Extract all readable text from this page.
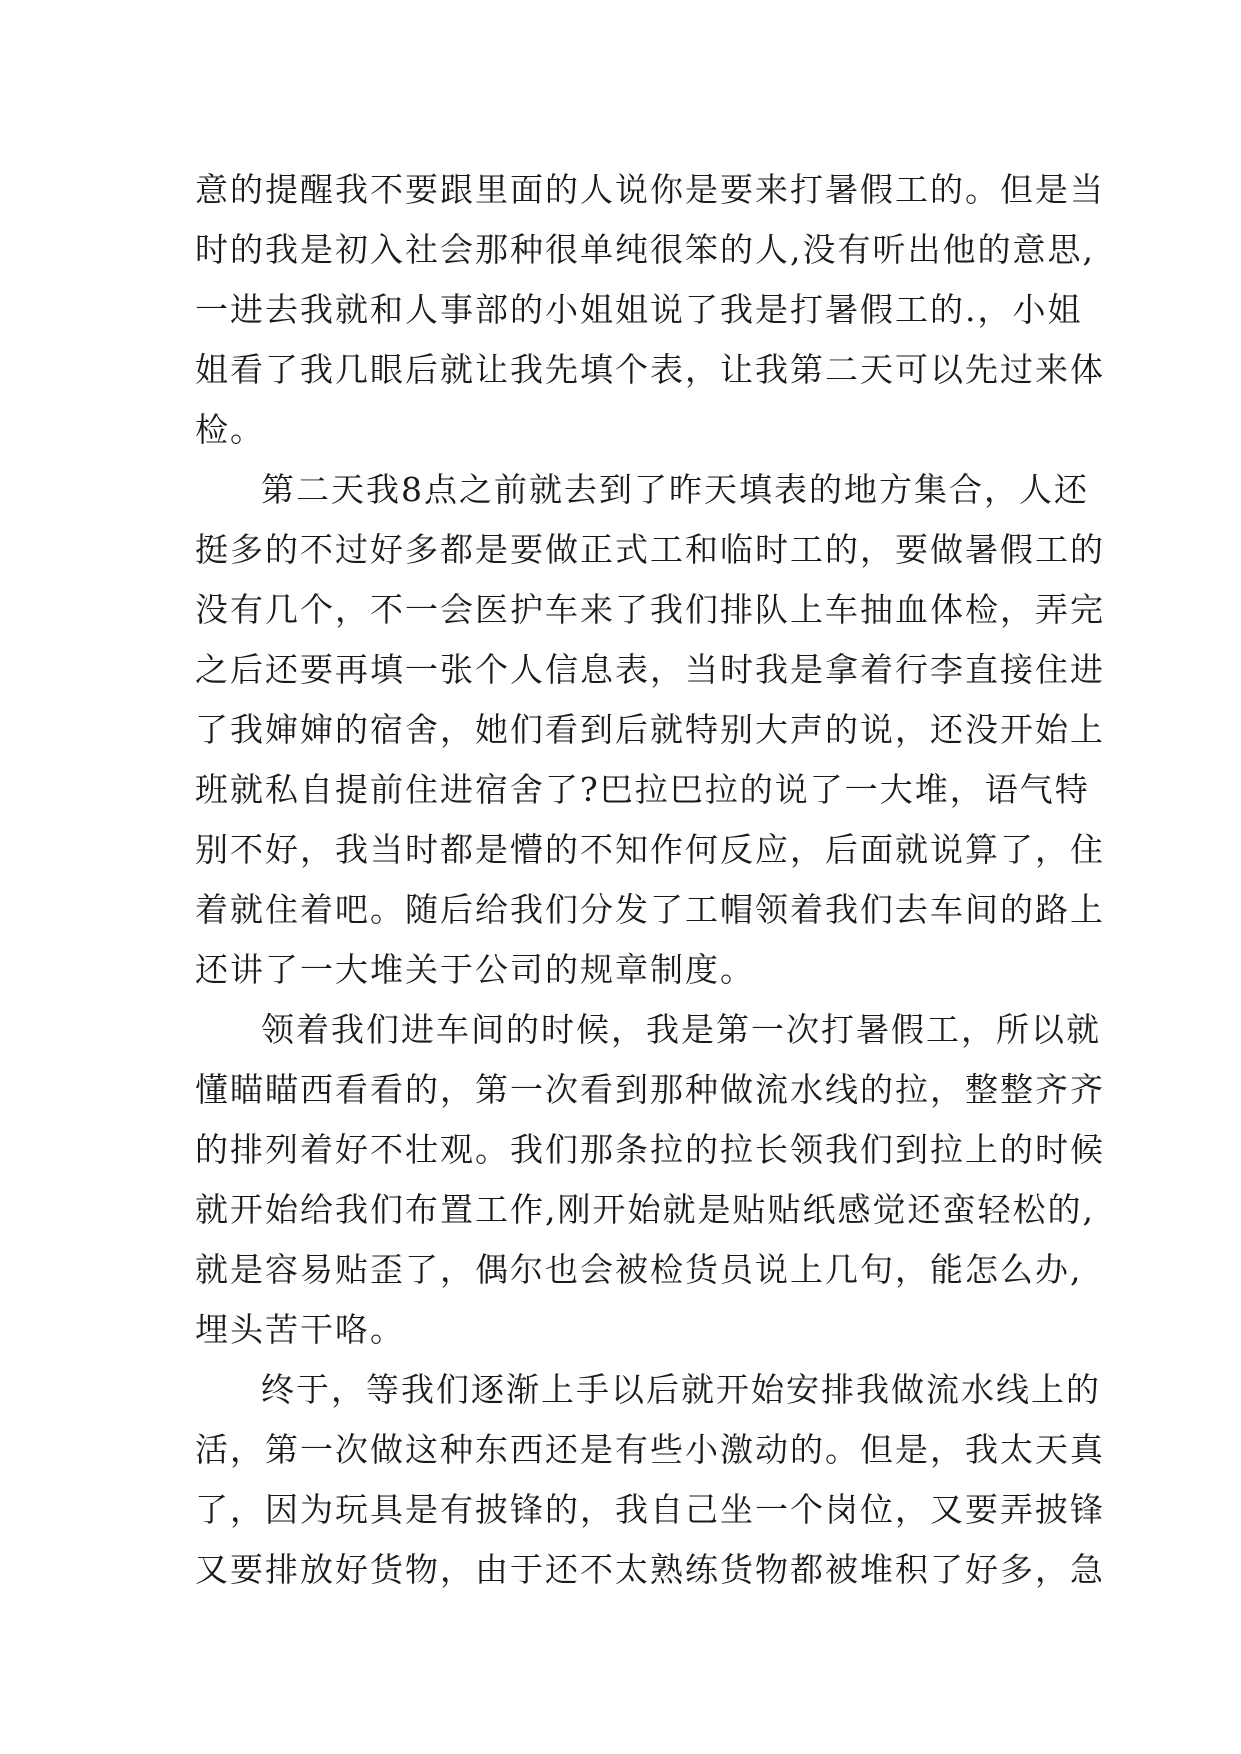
意的提醒我不要跟里面的人说你是要来打暑假工的。但是当
时的我是初入社会那种很单纯很笨的人,没有听出他的意思,
一进去我就和人事部的小姐姐说了我是打暑假工的.，小姐
姐看了我几眼后就让我先填个表，让我第二天可以先过来体
检。
第二天我8点之前就去到了昨天填表的地方集合，人还
挺多的不过好多都是要做正式工和临时工的，要做暑假工的
没有几个，不一会医护车来了我们排队上车抽血体检，弄完
之后还要再填一张个人信息表，当时我是拿着行李直接住进
了我婶婶的宿舍，她们看到后就特别大声的说，还没开始上
班就私自提前住进宿舍了?巴拉巴拉的说了一大堆，语气特
别不好，我当时都是懵的不知作何反应，后面就说算了，住
着就住着吧。随后给我们分发了工帽领着我们去车间的路上
还讲了一大堆关于公司的规章制度。
领着我们进车间的时候，我是第一次打暑假工，所以就
懂瞄瞄西看看的，第一次看到那种做流水线的拉，整整齐齐
的排列着好不壮观。我们那条拉的拉长领我们到拉上的时候
就开始给我们布置工作,刚开始就是贴贴纸感觉还蛮轻松的,
就是容易贴歪了，偶尔也会被检货员说上几句，能怎么办,
埋头苦干咯。
终于，等我们逐渐上手以后就开始安排我做流水线上的
活，第一次做这种东西还是有些小激动的。但是，我太天真
了，因为玩具是有披锋的，我自己坐一个岗位，又要弄披锋
又要排放好货物，由于还不太熟练货物都被堆积了好多，急
